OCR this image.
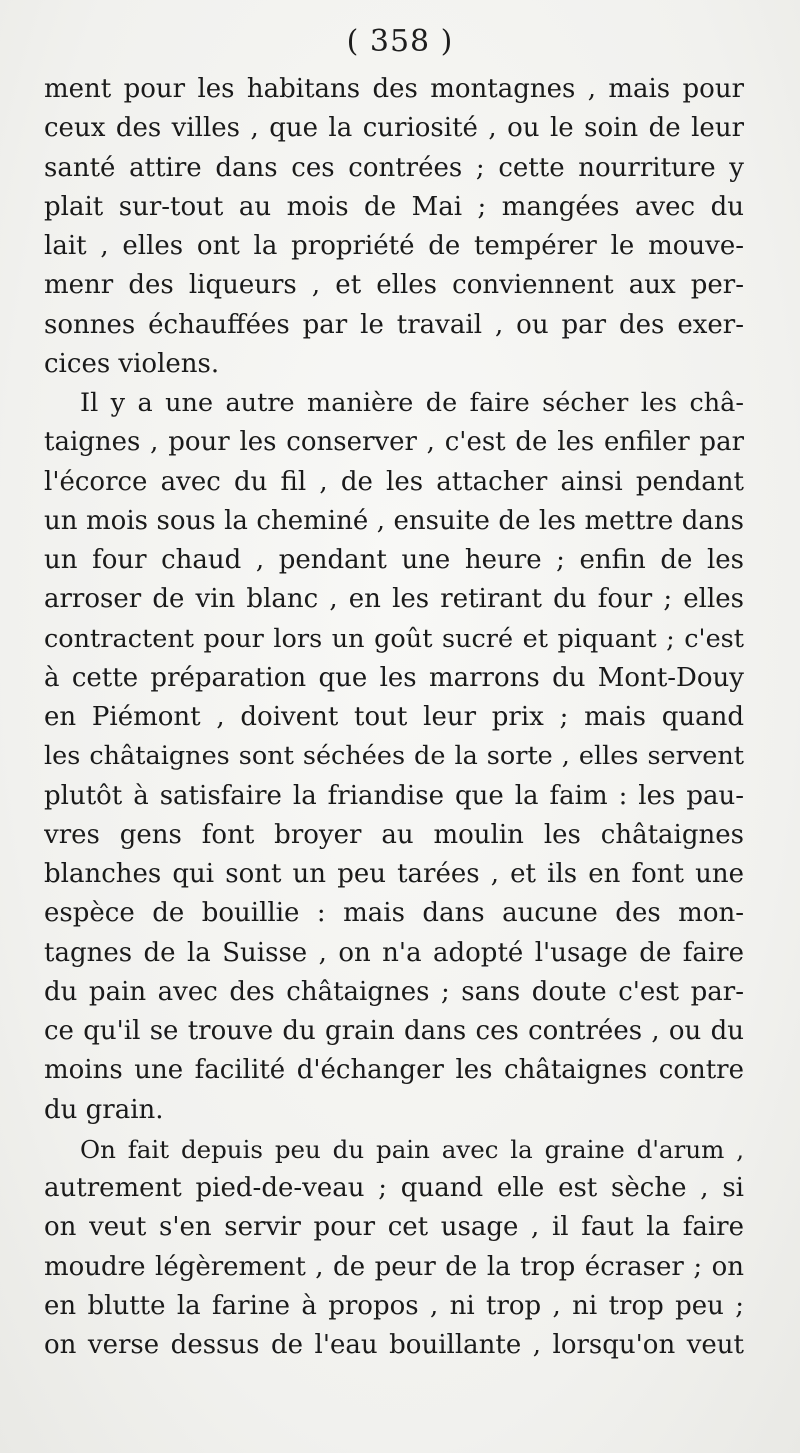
( 358 )
ment pour les habitans des montagnes , mais pour
ceux des villes , que la curiosité , ou le soin de leur
santé attire dans ces contrées ; cette nourriture y
plait sur-tout au mois de Mai ; mangées avec du
lait , elles ont la propriété de tempérer le mouve-
menr des liqueurs , et elles conviennent aux per-
sonnes échauffées par le travail , ou par des exer-
cices violens.
Il y a une autre manière de faire sécher les châ-
taignes , pour les conserver , c'est de les enfiler par
l'écorce avec du fil , de les attacher ainsi pendant
un mois sous la cheminé , ensuite de les mettre dans
un four chaud , pendant une heure ; enfin de les
arroser de vin blanc , en les retirant du four ; elles
contractent pour lors un goût sucré et piquant ; c'est
à cette préparation que les marrons du Mont-Douy
en Piémont , doivent tout leur prix ; mais quand
les châtaignes sont séchées de la sorte , elles servent
plutôt à satisfaire la friandise que la faim : les pau-
vres gens font broyer au moulin les châtaignes
blanches qui sont un peu tarées , et ils en font une
espèce de bouillie : mais dans aucune des mon-
tagnes de la Suisse , on n'a adopté l'usage de faire
du pain avec des châtaignes ; sans doute c'est par-
ce qu'il se trouve du grain dans ces contrées , ou du
moins une facilité d'échanger les châtaignes contre
du grain.
On fait depuis peu du pain avec la graine d'arum ,
autrement pied-de-veau ; quand elle est sèche , si
on veut s'en servir pour cet usage , il faut la faire
moudre légèrement , de peur de la trop écraser ; on
en blutte la farine à propos , ni trop , ni trop peu ;
on verse dessus de l'eau bouillante , lorsqu'on veut
